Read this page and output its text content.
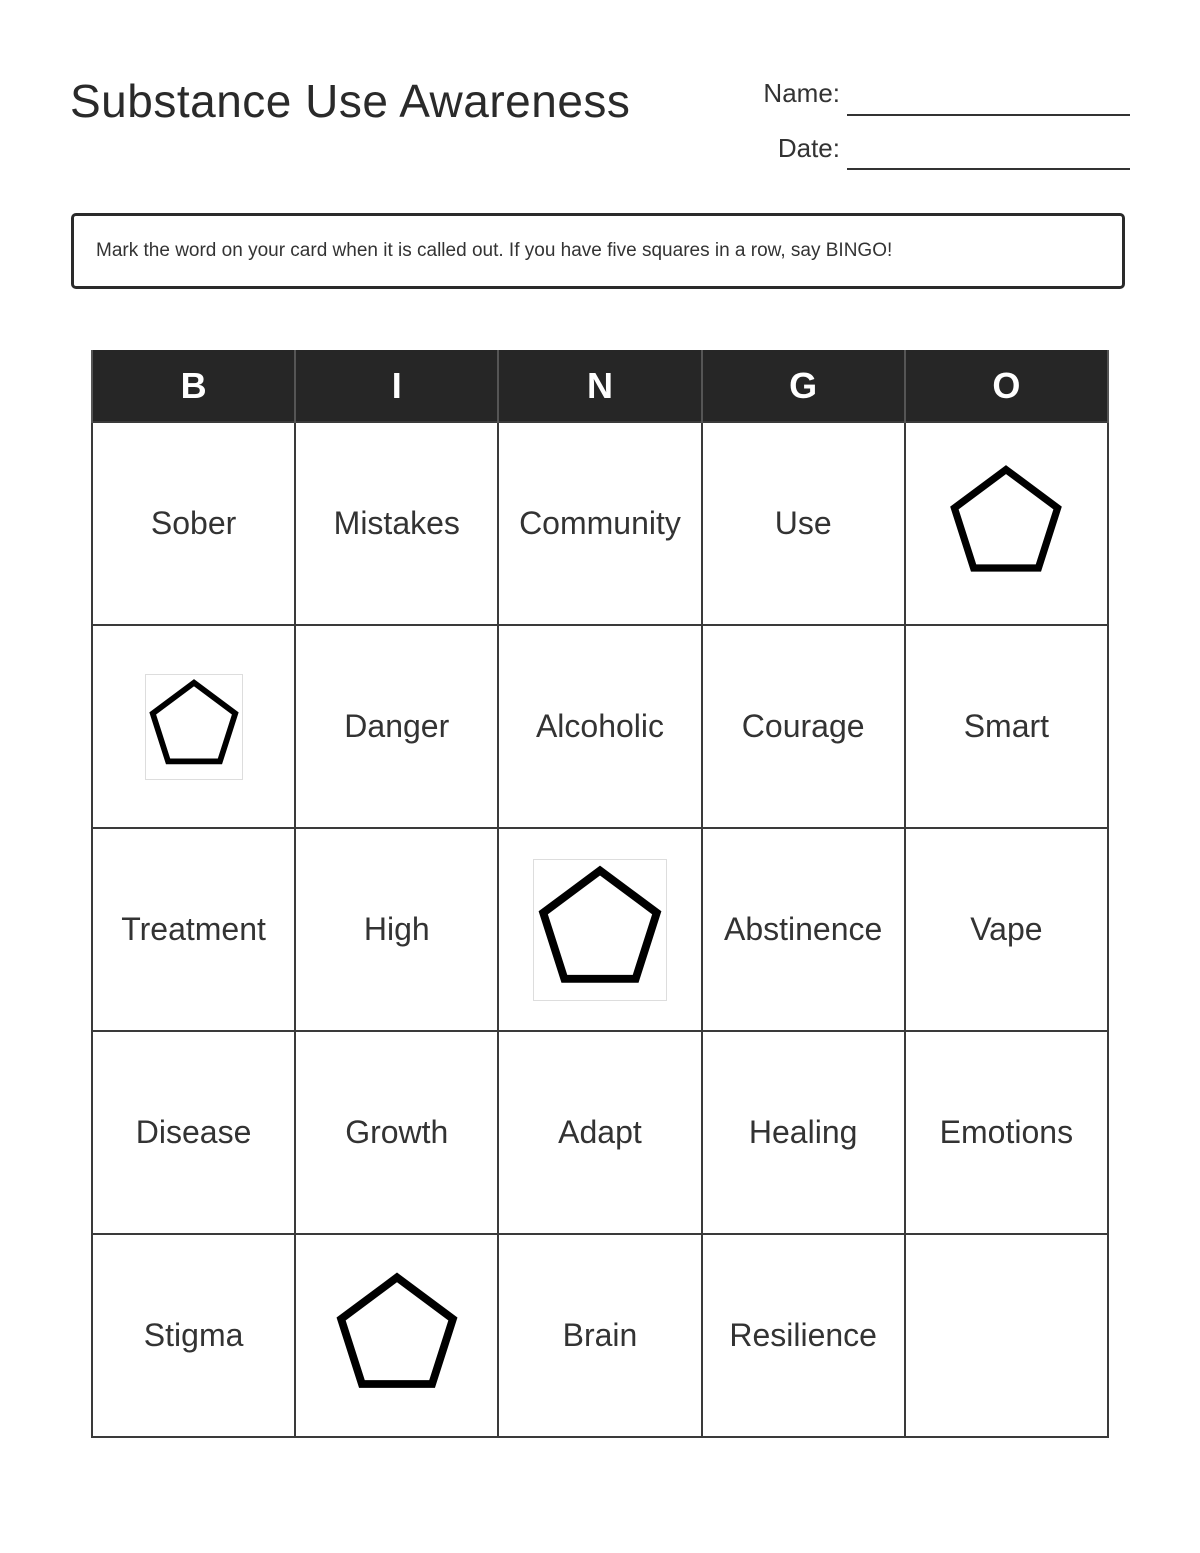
Substance Use Awareness	Name:
Date:
Mark the word on your card when it is called out. If you have five squares in a row, say BINGO!
B	I	N	G	O
Sober	Mistakes	Community	Use	
	Danger	Alcoholic	Courage	Smart
Treatment	High		Abstinence	Vape
Disease	Growth	Adapt	Healing	Emotions
Stigma		Brain	Resilience	
